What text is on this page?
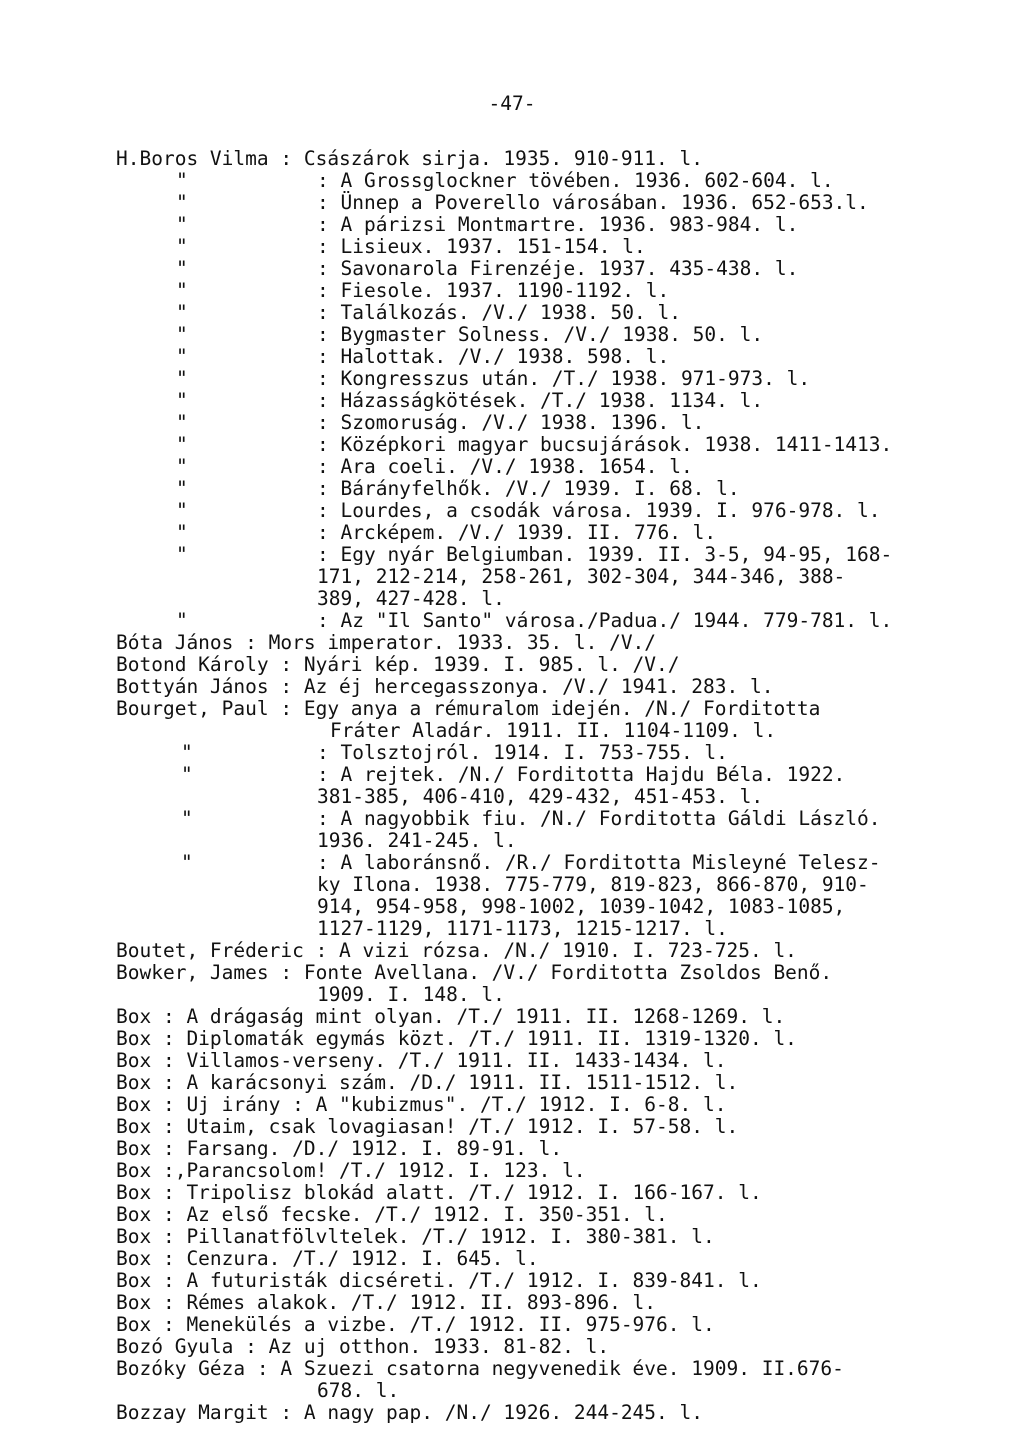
-47-
H.Boros Vilma : Császárok sirja. 1935. 910-911. l.
"	: A Grossglockner tövében. 1936. 602-604. l.
"	: Ünnep a Poverello városában. 1936. 652-653.l.
"	: A párizsi Montmartre. 1936. 983-984. l.
"	: Lisieux. 1937. 151-154. l.
"	: Savonarola Firenzéje. 1937. 435-438. l.
"	: Fiesole. 1937. 1190-1192. l.
"	: Találkozás. /V./ 1938. 50. l.
"	: Bygmaster Solness. /V./ 1938. 50. l.
"	: Halottak. /V./ 1938. 598. l.
"	: Kongresszus után. /T./ 1938. 971-973. l.
"	: Házasságkötések. /T./ 1938. 1134. l.
"	: Szomoruság. /V./ 1938. 1396. l.
"	: Középkori magyar bucsujárások. 1938. 1411-1413.
"	: Ara coeli. /V./ 1938. 1654. l.
"	: Bárányfelhők. /V./ 1939. I. 68. l.
"	: Lourdes, a csodák városa. 1939. I. 976-978. l.
"	: Arcképem. /V./ 1939. II. 776. l.
"	: Egy nyár Belgiumban. 1939. II. 3-5, 94-95, 168-
171, 212-214, 258-261, 302-304, 344-346, 388-
389, 427-428. l.
"	: Az "Il Santo" városa./Padua./ 1944. 779-781. l.
Bóta János : Mors imperator. 1933. 35. l. /V./
Botond Károly : Nyári kép. 1939. I. 985. l. /V./
Bottyán János : Az éj hercegasszonya. /V./ 1941. 283. l.
Bourget, Paul : Egy anya a rémuralom idején. /N./ Forditotta
Fráter Aladár. 1911. II. 1104-1109. l.
"	: Tolsztojról. 1914. I. 753-755. l.
"	: A rejtek. /N./ Forditotta Hajdu Béla. 1922.
381-385, 406-410, 429-432, 451-453. l.
"	: A nagyobbik fiu. /N./ Forditotta Gáldi László.
1936. 241-245. l.
"	: A laboránsnő. /R./ Forditotta Misleyné Telesz-
ky Ilona. 1938. 775-779, 819-823, 866-870, 910-
914, 954-958, 998-1002, 1039-1042, 1083-1085,
1127-1129, 1171-1173, 1215-1217. l.
Boutet, Fréderic : A vizi rózsa. /N./ 1910. I. 723-725. l.
Bowker, James : Fonte Avellana. /V./ Forditotta Zsoldos Benő.
1909. I. 148. l.
Box : A drágaság mint olyan. /T./ 1911. II. 1268-1269. l.
Box : Diplomaták egymás közt. /T./ 1911. II. 1319-1320. l.
Box : Villamos-verseny. /T./ 1911. II. 1433-1434. l.
Box : A karácsonyi szám. /D./ 1911. II. 1511-1512. l.
Box : Uj irány : A "kubizmus". /T./ 1912. I. 6-8. l.
Box : Utaim, csak lovagiasan! /T./ 1912. I. 57-58. l.
Box : Farsang. /D./ 1912. I. 89-91. l.
Box :,Parancsolom! /T./ 1912. I. 123. l.
Box : Tripolisz blokád alatt. /T./ 1912. I. 166-167. l.
Box : Az első fecske. /T./ 1912. I. 350-351. l.
Box : Pillanatfölvltelek. /T./ 1912. I. 380-381. l.
Box : Cenzura. /T./ 1912. I. 645. l.
Box : A futuristák dicséreti. /T./ 1912. I. 839-841. l.
Box : Rémes alakok. /T./ 1912. II. 893-896. l.
Box : Menekülés a vizbe. /T./ 1912. II. 975-976. l.
Bozó Gyula : Az uj otthon. 1933. 81-82. l.
Bozóky Géza : A Szuezi csatorna negyvenedik éve. 1909. II.676-
678. l.
Bozzay Margit : A nagy pap. /N./ 1926. 244-245. l.
